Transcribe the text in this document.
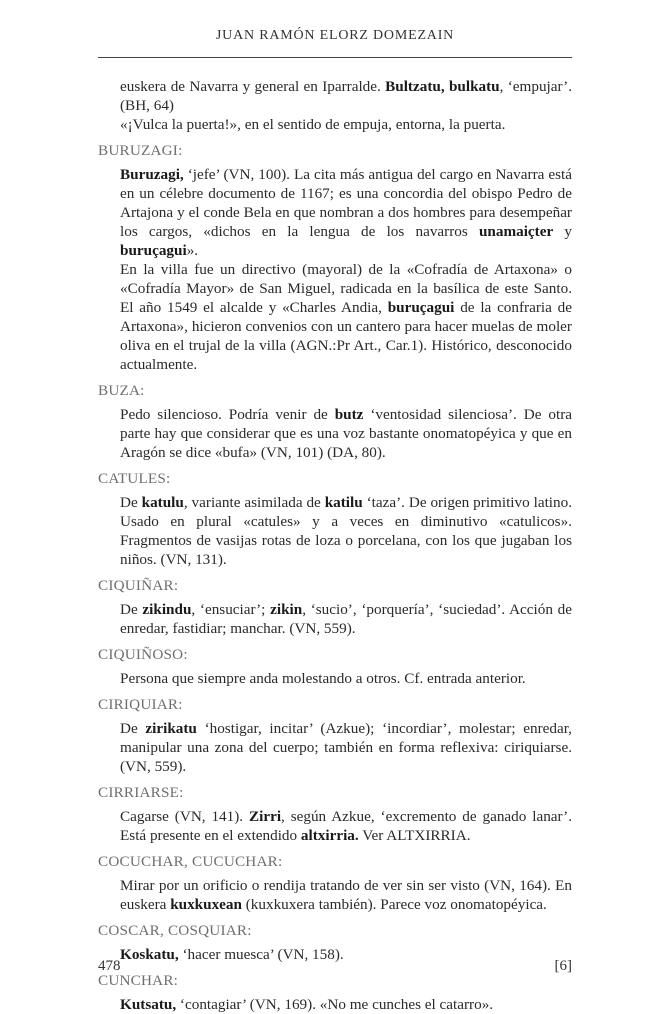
JUAN RAMÓN ELORZ DOMEZAIN

euskera de Navarra y general en Iparralde. Bultzatu, bulkatu, ‘empujar’. (BH, 64)

«¡Vulca la puerta!», en el sentido de empuja, entorna, la puerta.

BURUZAGI:

Buruzagi, ‘jefe’ (VN, 100). La cita más antigua del cargo en Navarra está en un célebre documento de 1167; es una concordia del obispo Pedro de Artajona y el conde Bela en que nombran a dos hombres para desempeñar los cargos, «dichos en la lengua de los navarros unamaiçter y buruçagui».

En la villa fue un directivo (mayoral) de la «Cofradía de Artaxona» o «Cofradía Mayor» de San Miguel, radicada en la basílica de este Santo. El año 1549 el alcalde y «Charles Andia, buruçagui de la confraria de Artaxona», hicieron convenios con un cantero para hacer muelas de moler oliva en el trujal de la villa (AGN.:Pr Art., Car.1). Histórico, desconocido actualmente.

BUZA:

Pedo silencioso. Podría venir de butz ‘ventosidad silenciosa’. De otra parte hay que considerar que es una voz bastante onomatopéyica y que en Aragón se dice «bufa» (VN, 101) (DA, 80).

CATULES:

De katulu, variante asimilada de katilu ‘taza’. De origen primitivo latino. Usado en plural «catules» y a veces en diminutivo «catulicos». Fragmentos de vasijas rotas de loza o porcelana, con los que jugaban los niños. (VN, 131).

CIQUIÑAR:

De zikindu, ‘ensuciar’; zikin, ‘sucio’, ‘porquería’, ‘suciedad’. Acción de enredar, fastidiar; manchar. (VN, 559).

CIQUIÑOSO:

Persona que siempre anda molestando a otros. Cf. entrada anterior.

CIRIQUIAR:

De zirikatu ‘hostigar, incitar’ (Azkue); ‘incordiar’, molestar; enredar, manipular una zona del cuerpo; también en forma reflexiva: ciriquiarse. (VN, 559).

CIRRIARSE:

Cagarse (VN, 141). Zirri, según Azkue, ‘excremento de ganado lanar’. Está presente en el extendido altxirria. Ver ALTXIRRIA.

COCUCHAR, CUCUCHAR:

Mirar por un orificio o rendija tratando de ver sin ser visto (VN, 164). En euskera kuxkuxean (kuxkuxera también). Parece voz onomatopéyica.

COSCAR, COSQUIAR:

Koskatu, ‘hacer muesca’ (VN, 158).

CUNCHAR:

Kutsatu, ‘contagiar’ (VN, 169). «No me cunches el catarro».

478	[6]
